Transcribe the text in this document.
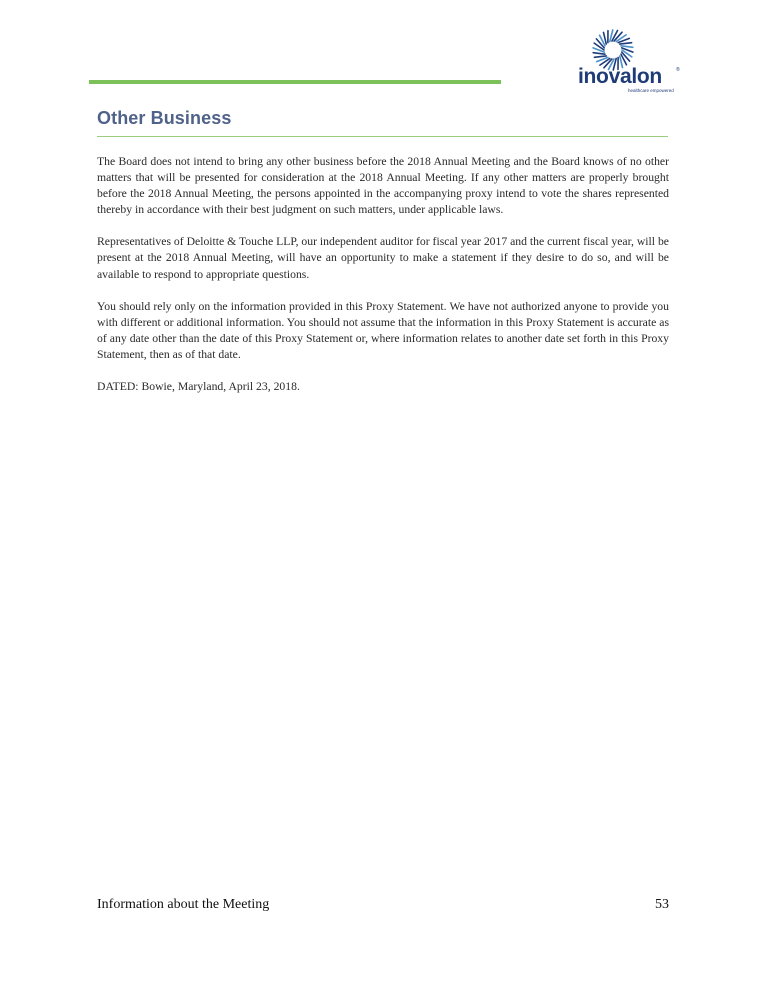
inovalon	®
healthcare empowered
Other Business

The Board does not intend to bring any other business before the 2018 Annual Meeting and the Board knows of no other matters that will be presented for consideration at the 2018 Annual Meeting. If any other matters are properly brought before the 2018 Annual Meeting, the persons appointed in the accompanying proxy intend to vote the shares represented thereby in accordance with their best judgment on such matters, under applicable laws.

Representatives of Deloitte & Touche LLP, our independent auditor for fiscal year 2017 and the current fiscal year, will be present at the 2018 Annual Meeting, will have an opportunity to make a statement if they desire to do so, and will be available to respond to appropriate questions.

You should rely only on the information provided in this Proxy Statement. We have not authorized anyone to provide you with different or additional information. You should not assume that the information in this Proxy Statement is accurate as of any date other than the date of this Proxy Statement or, where information relates to another date set forth in this Proxy Statement, then as of that date.

DATED: Bowie, Maryland, April 23, 2018.

Information about the Meeting	53
